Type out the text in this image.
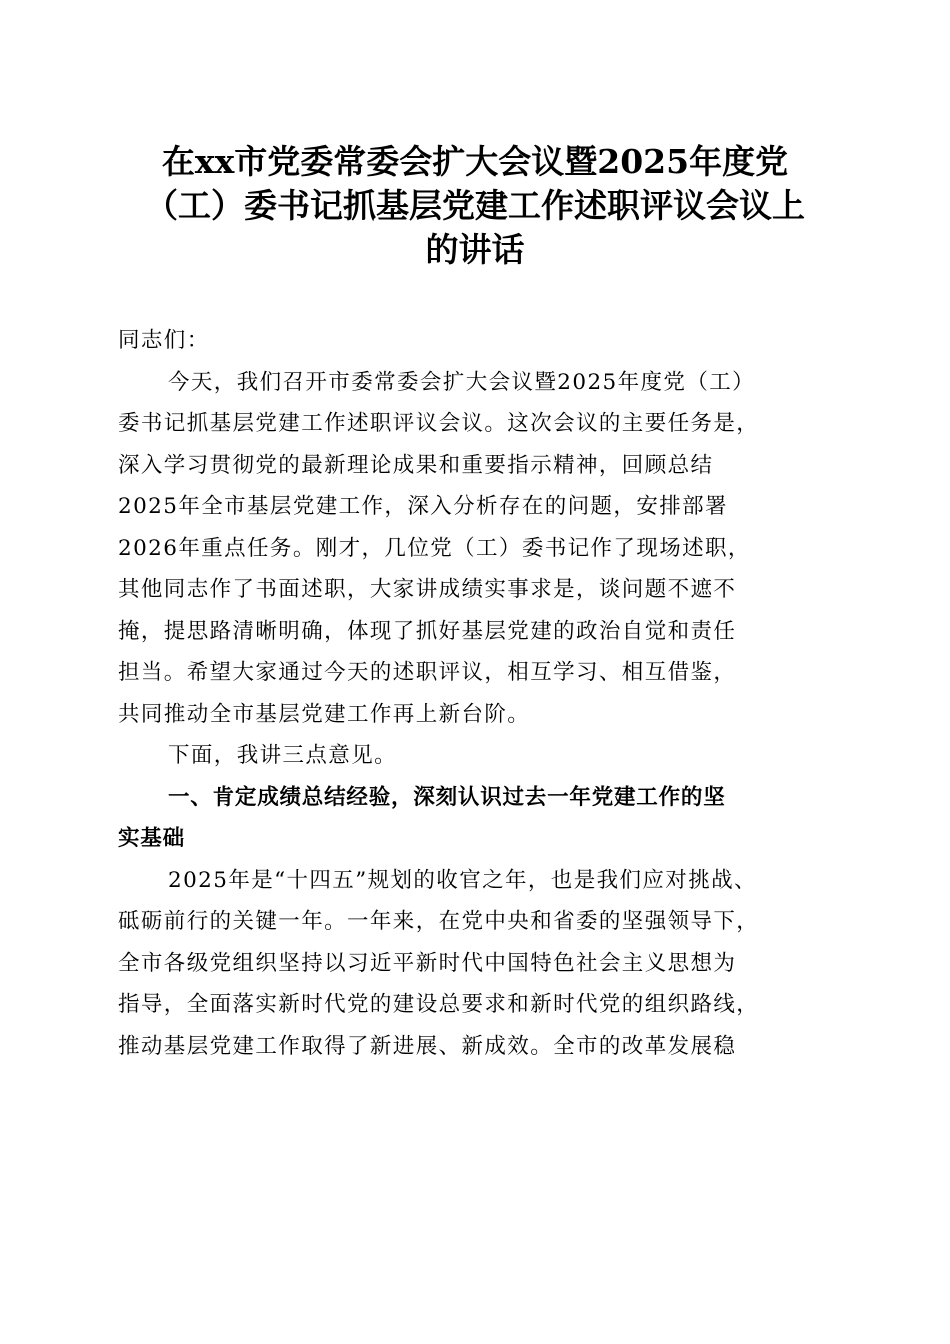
在xx市党委常委会扩大会议暨2025年度党
（工）委书记抓基层党建工作述职评议会议上
的讲话
同志们：
今天，我们召开市委常委会扩大会议暨2025年度党（工）
委书记抓基层党建工作述职评议会议。这次会议的主要任务是，
深入学习贯彻党的最新理论成果和重要指示精神，回顾总结
2025年全市基层党建工作，深入分析存在的问题，安排部署
2026年重点任务。刚才，几位党（工）委书记作了现场述职，
其他同志作了书面述职，大家讲成绩实事求是，谈问题不遮不
掩，提思路清晰明确，体现了抓好基层党建的政治自觉和责任
担当。希望大家通过今天的述职评议，相互学习、相互借鉴，
共同推动全市基层党建工作再上新台阶。
下面，我讲三点意见。
一、肯定成绩总结经验，深刻认识过去一年党建工作的坚
实基础
2025年是“十四五”规划的收官之年，也是我们应对挑战、
砥砺前行的关键一年。一年来，在党中央和省委的坚强领导下，
全市各级党组织坚持以习近平新时代中国特色社会主义思想为
指导，全面落实新时代党的建设总要求和新时代党的组织路线，
推动基层党建工作取得了新进展、新成效。全市的改革发展稳
